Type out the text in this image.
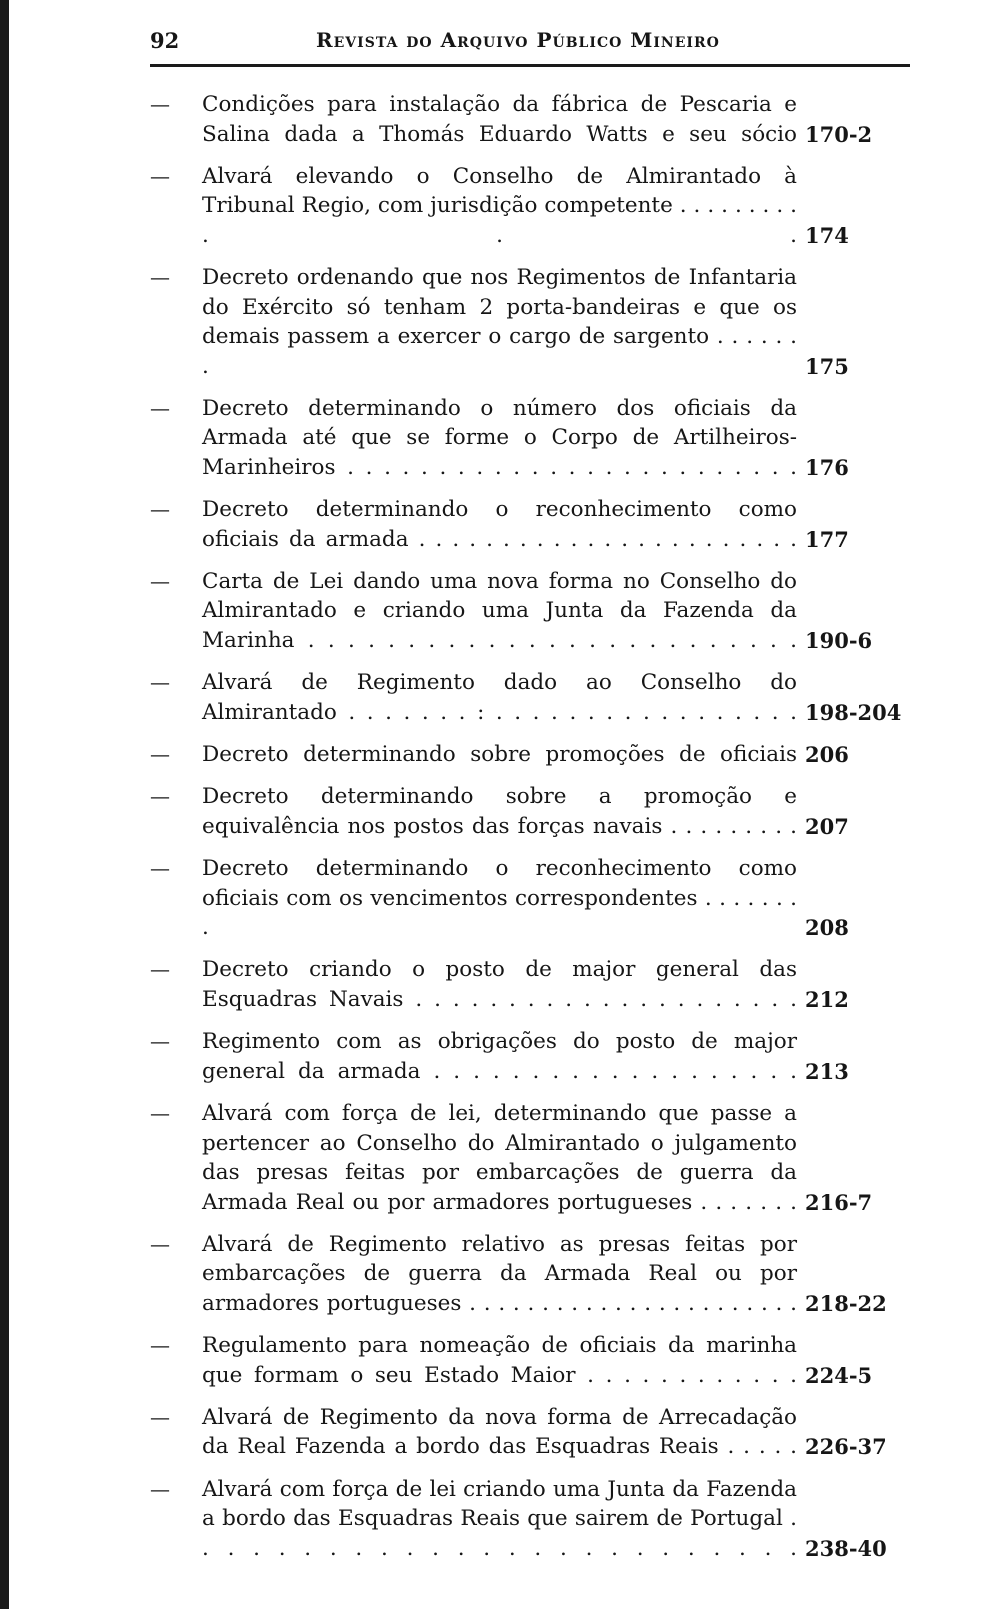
92	Revista do Arquivo Público Mineiro
—	Condições para instalação da fábrica de Pescaria e Salina dada a Thomás Eduardo Watts e seu sócio 170-2
—	Alvará elevando o Conselho de Almirantado à Tribunal Regio, com jurisdição competente . . . . . . . . . . . . 174
—	Decreto ordenando que nos Regimentos de Infantaria do Exército só tenham 2 porta-bandeiras e que os demais passem a exercer o cargo de sargento . . . . . . .	175
—	Decreto determinando o número dos oficiais da Armada até que se forme o Corpo de Artilheiros-Marinheiros . . . . . . . . . . . . . . . . . . . . . . . . . 176
—	Decreto determinando o reconhecimento como oficiais da armada . . . . . . . . . . . . . . . . . . . . . . . 177
—	Carta de Lei dando uma nova forma no Conselho do Almirantado e criando uma Junta da Fazenda da Marinha . . . . . . . . . . . . . . . . . . . . . . . . . 190-6
—	Alvará de Regimento dado ao Conselho do Almirantado . . . . . . . : . . . . . . . . . . . . . . . . . 198-204
—	Decreto determinando sobre promoções de oficiais 206
—	Decreto determinando sobre a promoção e equivalência nos postos das forças navais . . . . . . . . . 207
—	Decreto determinando o reconhecimento como oficiais com os vencimentos correspondentes . . . . . . . .	208
—	Decreto criando o posto de major general das Esquadras Navais . . . . . . . . . . . . . . . . . . . . . 212
—	Regimento com as obrigações do posto de major general da armada . . . . . . . . . . . . . . . . . . . 213
—	Alvará com força de lei, determinando que passe a pertencer ao Conselho do Almirantado o julgamento das presas feitas por embarcações de guerra da Armada Real ou por armadores portugueses . . . . . . . 216-7
—	Alvará de Regimento relativo as presas feitas por embarcações de guerra da Armada Real ou por armadores portugueses . . . . . . . . . . . . . . . . . . . . . . . 218-22
—	Regulamento para nomeação de oficiais da marinha que formam o seu Estado Maior . . . . . . . . . . . . 224-5
—	Alvará de Regimento da nova forma de Arrecadação da Real Fazenda a bordo das Esquadras Reais . . . . . 226-37
—	Alvará com força de lei criando uma Junta da Fazenda a bordo das Esquadras Reais que sairem de Portugal . . . . . . . . . . . . . . . . . . . . . . . . . 238-40
